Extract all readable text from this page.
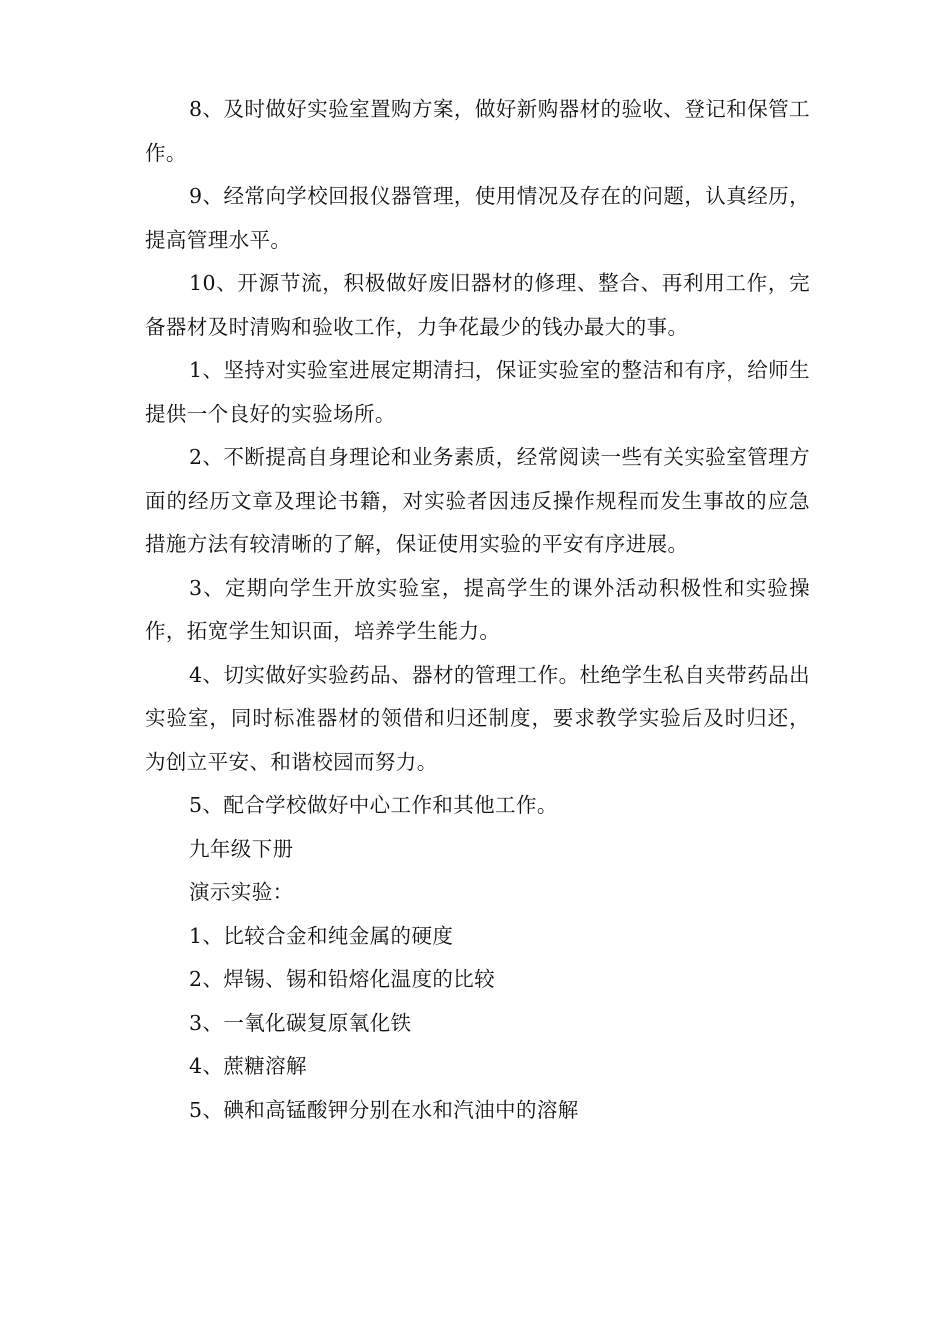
8、及时做好实验室置购方案，做好新购器材的验收、登记和保管工作。

9、经常向学校回报仪器管理，使用情况及存在的问题，认真经历，提高管理水平。

10、开源节流，积极做好废旧器材的修理、整合、再利用工作，完备器材及时清购和验收工作，力争花最少的钱办最大的事。

1、坚持对实验室进展定期清扫，保证实验室的整洁和有序，给师生提供一个良好的实验场所。

2、不断提高自身理论和业务素质，经常阅读一些有关实验室管理方面的经历文章及理论书籍，对实验者因违反操作规程而发生事故的应急措施方法有较清晰的了解，保证使用实验的平安有序进展。

3、定期向学生开放实验室，提高学生的课外活动积极性和实验操作，拓宽学生知识面，培养学生能力。

4、切实做好实验药品、器材的管理工作。杜绝学生私自夹带药品出实验室，同时标准器材的领借和归还制度，要求教学实验后及时归还，为创立平安、和谐校园而努力。

5、配合学校做好中心工作和其他工作。

九年级下册

演示实验：

1、比较合金和纯金属的硬度

2、焊锡、锡和铅熔化温度的比较

3、一氧化碳复原氧化铁

4、蔗糖溶解

5、碘和高锰酸钾分别在水和汽油中的溶解
